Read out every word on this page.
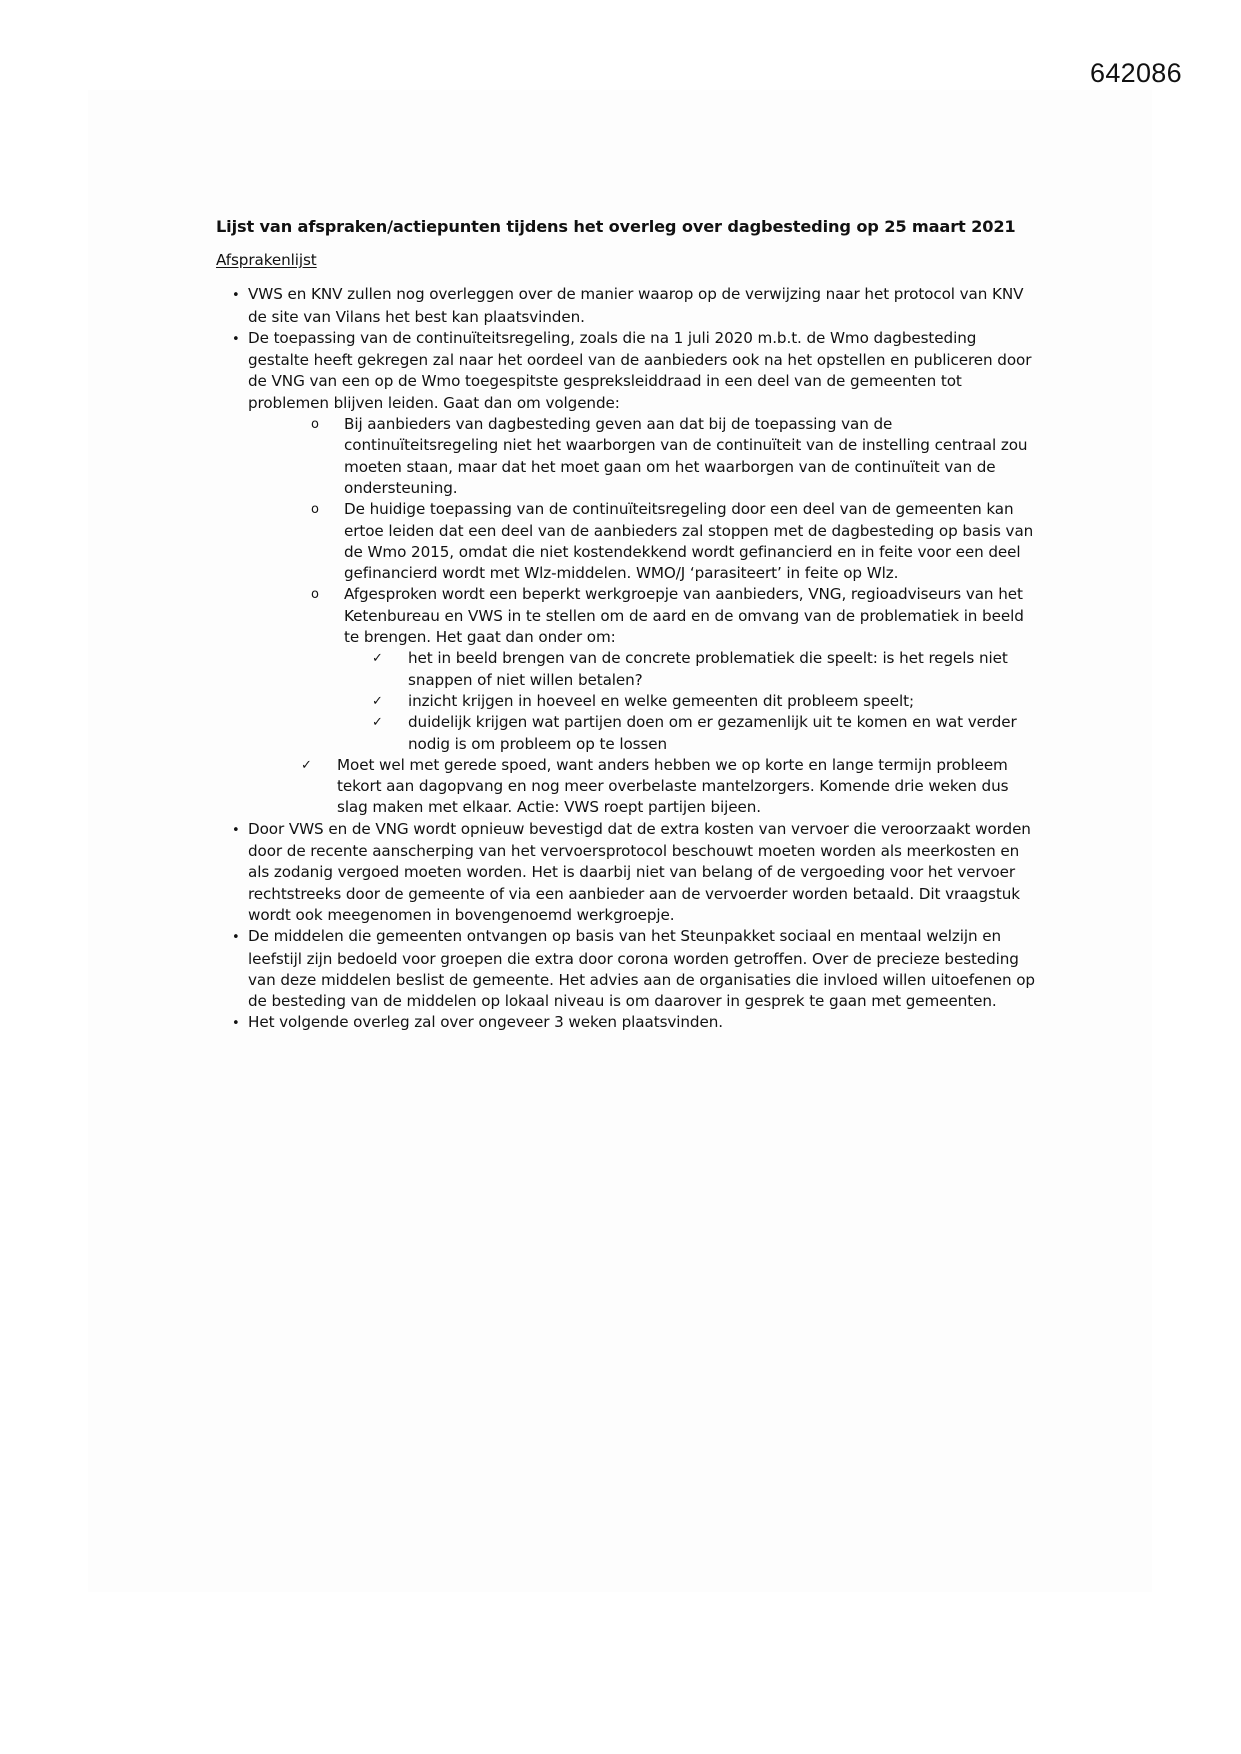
642086
Lijst van afspraken/actiepunten tijdens het overleg over dagbesteding op 25 maart 2021

Afsprakenlijst

• VWS en KNV zullen nog overleggen over de manier waarop op de verwijzing naar het protocol van KNV de site van Vilans het best kan plaatsvinden.
• De toepassing van de continuïteitsregeling, zoals die na 1 juli 2020 m.b.t. de Wmo dagbesteding gestalte heeft gekregen zal naar het oordeel van de aanbieders ook na het opstellen en publiceren door de VNG van een op de Wmo toegespitste gespreksleiddraad in een deel van de gemeenten tot problemen blijven leiden. Gaat dan om volgende:
o Bij aanbieders van dagbesteding geven aan dat bij de toepassing van de continuïteitsregeling niet het waarborgen van de continuïteit van de instelling centraal zou moeten staan, maar dat het moet gaan om het waarborgen van de continuïteit van de ondersteuning.
o De huidige toepassing van de continuïteitsregeling door een deel van de gemeenten kan ertoe leiden dat een deel van de aanbieders zal stoppen met de dagbesteding op basis van de Wmo 2015, omdat die niet kostendekkend wordt gefinancierd en in feite voor een deel gefinancierd wordt met Wlz-middelen. WMO/J ‘parasiteert’ in feite op Wlz.
o Afgesproken wordt een beperkt werkgroepje van aanbieders, VNG, regioadviseurs van het Ketenbureau en VWS in te stellen om de aard en de omvang van de problematiek in beeld te brengen. Het gaat dan onder om:
✓ het in beeld brengen van de concrete problematiek die speelt: is het regels niet snappen of niet willen betalen?
✓ inzicht krijgen in hoeveel en welke gemeenten dit probleem speelt;
✓ duidelijk krijgen wat partijen doen om er gezamenlijk uit te komen en wat verder nodig is om probleem op te lossen
✓ Moet wel met gerede spoed, want anders hebben we op korte en lange termijn probleem tekort aan dagopvang en nog meer overbelaste mantelzorgers. Komende drie weken dus slag maken met elkaar. Actie: VWS roept partijen bijeen.
• Door VWS en de VNG wordt opnieuw bevestigd dat de extra kosten van vervoer die veroorzaakt worden door de recente aanscherping van het vervoersprotocol beschouwt moeten worden als meerkosten en als zodanig vergoed moeten worden. Het is daarbij niet van belang of de vergoeding voor het vervoer rechtstreeks door de gemeente of via een aanbieder aan de vervoerder worden betaald. Dit vraagstuk wordt ook meegenomen in bovengenoemd werkgroepje.
• De middelen die gemeenten ontvangen op basis van het Steunpakket sociaal en mentaal welzijn en leefstijl zijn bedoeld voor groepen die extra door corona worden getroffen. Over de precieze besteding van deze middelen beslist de gemeente. Het advies aan de organisaties die invloed willen uitoefenen op de besteding van de middelen op lokaal niveau is om daarover in gesprek te gaan met gemeenten.
• Het volgende overleg zal over ongeveer 3 weken plaatsvinden.
